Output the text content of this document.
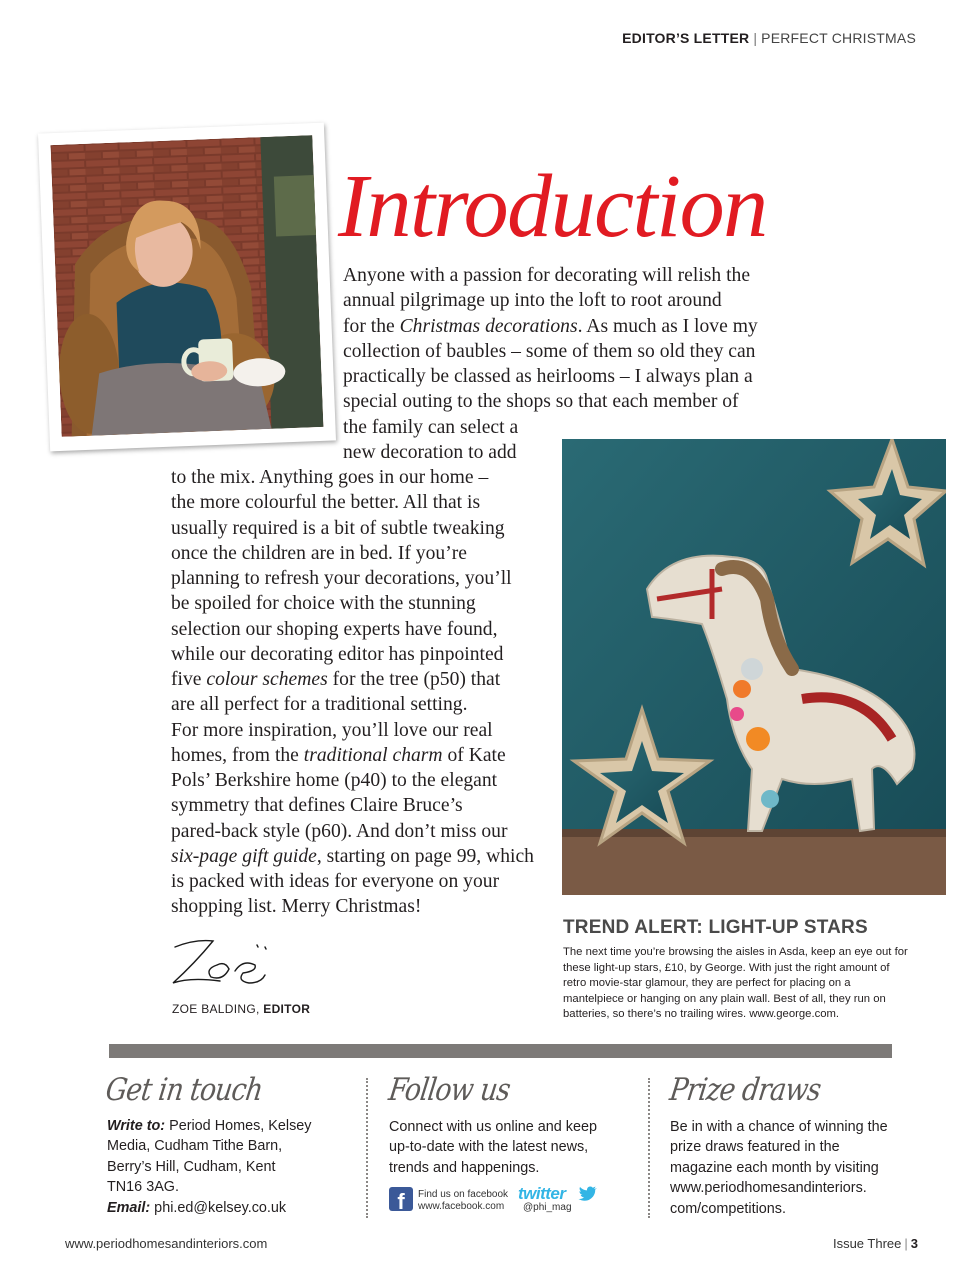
EDITOR’S LETTER | PERFECT CHRISTMAS
Introduction
Anyone with a passion for decorating will relish the
annual pilgrimage up into the loft to root around
for the Christmas decorations. As much as I love my
collection of baubles – some of them so old they can
practically be classed as heirlooms – I always plan a
special outing to the shops so that each member of
the family can select a
new decoration to add
to the mix. Anything goes in our home –
the more colourful the better. All that is
usually required is a bit of subtle tweaking
once the children are in bed. If you’re
planning to refresh your decorations, you’ll
be spoiled for choice with the stunning
selection our shoping experts have found,
while our decorating editor has pinpointed
five colour schemes for the tree (p50) that
are all perfect for a traditional setting.
For more inspiration, you’ll love our real
homes, from the traditional charm of Kate
Pols’ Berkshire home (p40) to the elegant
symmetry that defines Claire Bruce’s
pared-back style (p60). And don’t miss our
six-page gift guide, starting on page 99, which
is packed with ideas for everyone on your
shopping list. Merry Christmas!
ZOE BALDING, EDITOR
TREND ALERT: LIGHT-UP STARS
The next time you’re browsing the aisles in Asda, keep an eye out for these light-up stars, £10, by George. With just the right amount of retro movie-star glamour, they are perfect for placing on a mantelpiece or hanging on any plain wall. Best of all, they run on batteries, so there’s no trailing wires. www.george.com.
Get in touch
Write to: Period Homes, Kelsey Media, Cudham Tithe Barn, Berry’s Hill, Cudham, Kent TN16 3AG.
Email: phi.ed@kelsey.co.uk
Follow us
Connect with us online and keep up-to-date with the latest news, trends and happenings.
f	Find us on facebook
www.facebook.com
twitter
@phi_mag
Prize draws
Be in with a chance of winning the prize draws featured in the magazine each month by visiting www.periodhomesandinteriors. com/competitions.
www.periodhomesandinteriors.com	Issue Three | 3
